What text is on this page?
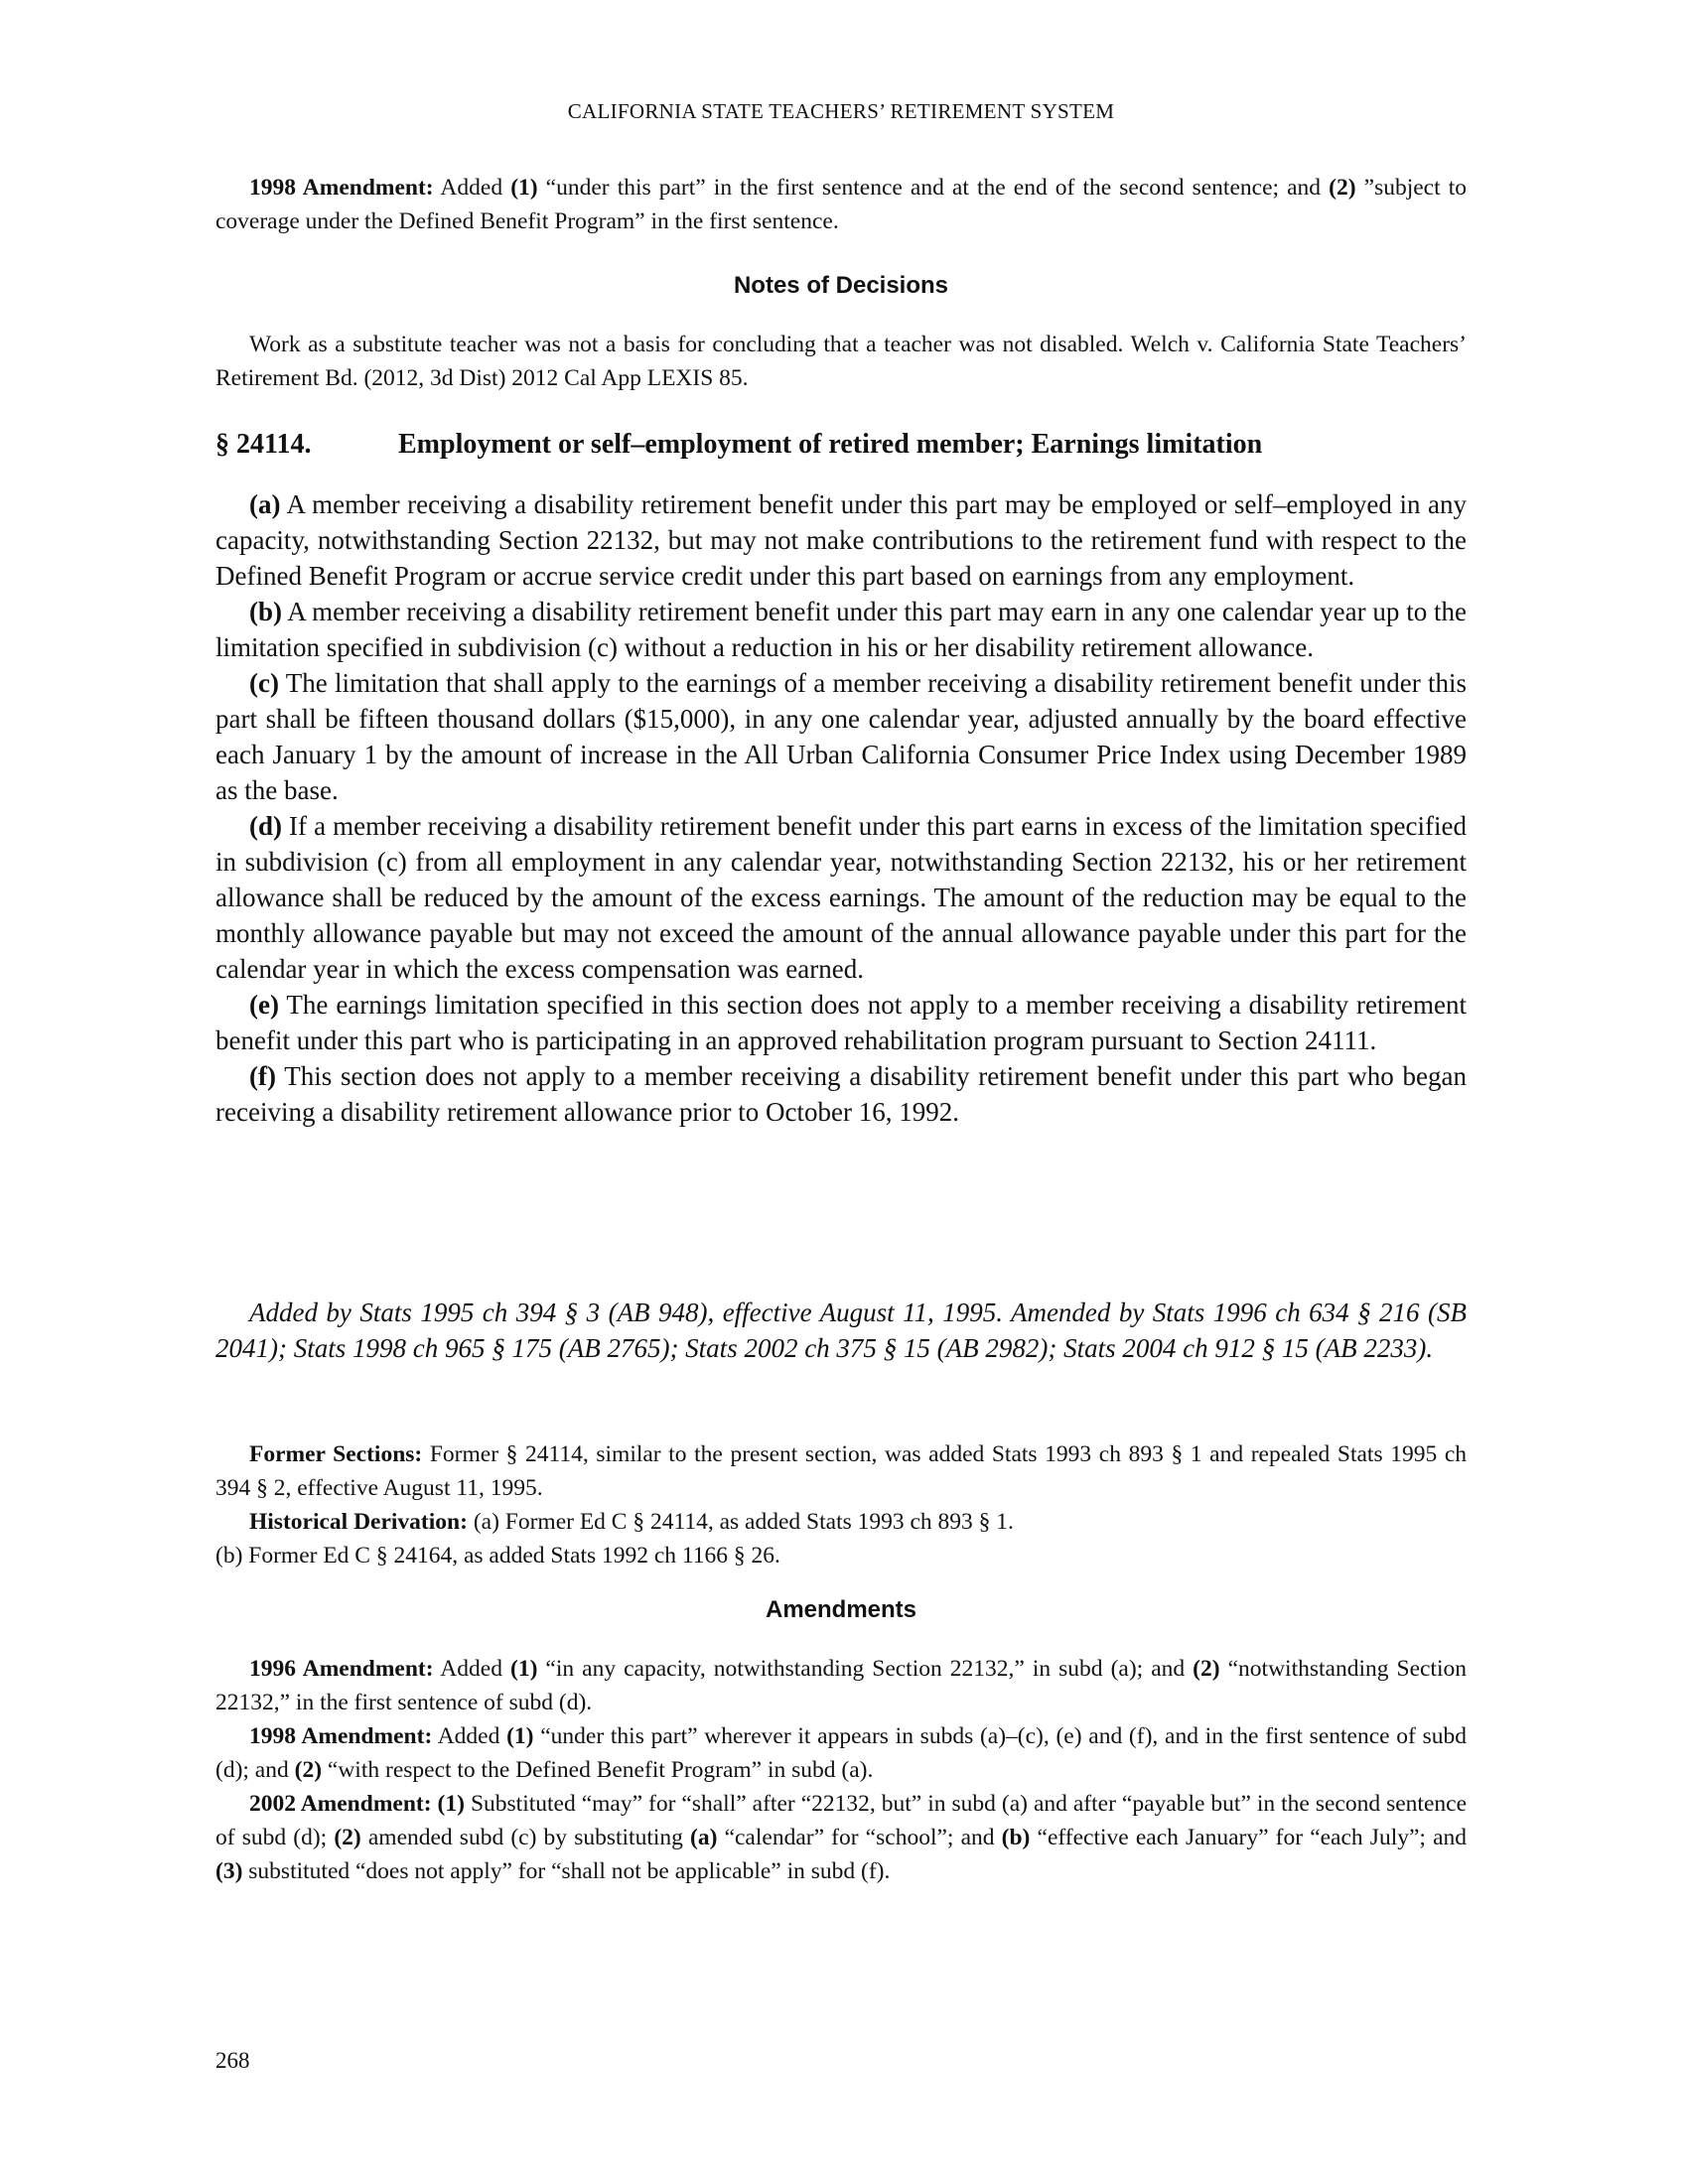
CALIFORNIA STATE TEACHERS’ RETIREMENT SYSTEM

1998 Amendment: Added (1) “under this part” in the first sentence and at the end of the second sentence; and (2) ”subject to coverage under the Defined Benefit Program” in the first sentence.

Notes of Decisions

Work as a substitute teacher was not a basis for concluding that a teacher was not disabled. Welch v. California State Teachers’ Retirement Bd. (2012, 3d Dist) 2012 Cal App LEXIS 85.

§ 24114.	Employment or self–employment of retired member; Earnings limitation

(a) A member receiving a disability retirement benefit under this part may be employed or self–employed in any capacity, notwithstanding Section 22132, but may not make contributions to the retirement fund with respect to the Defined Benefit Program or accrue service credit under this part based on earnings from any employment.

(b) A member receiving a disability retirement benefit under this part may earn in any one calendar year up to the limitation specified in subdivision (c) without a reduction in his or her disability retirement allowance.

(c) The limitation that shall apply to the earnings of a member receiving a disability retirement benefit under this part shall be fifteen thousand dollars ($15,000), in any one calendar year, adjusted annually by the board effective each January 1 by the amount of increase in the All Urban California Consumer Price Index using December 1989 as the base.

(d) If a member receiving a disability retirement benefit under this part earns in excess of the limitation specified in subdivision (c) from all employment in any calendar year, notwithstanding Section 22132, his or her retirement allowance shall be reduced by the amount of the excess earnings. The amount of the reduction may be equal to the monthly allowance payable but may not exceed the amount of the annual allowance payable under this part for the calendar year in which the excess compensation was earned.

(e) The earnings limitation specified in this section does not apply to a member receiving a disability retirement benefit under this part who is participating in an approved rehabilitation program pursuant to Section 24111.

(f) This section does not apply to a member receiving a disability retirement benefit under this part who began receiving a disability retirement allowance prior to October 16, 1992.

Added by Stats 1995 ch 394 § 3 (AB 948), effective August 11, 1995. Amended by Stats 1996 ch 634 § 216 (SB 2041); Stats 1998 ch 965 § 175 (AB 2765); Stats 2002 ch 375 § 15 (AB 2982); Stats 2004 ch 912 § 15 (AB 2233).

Former Sections: Former § 24114, similar to the present section, was added Stats 1993 ch 893 § 1 and repealed Stats 1995 ch 394 § 2, effective August 11, 1995.

Historical Derivation: (a) Former Ed C § 24114, as added Stats 1993 ch 893 § 1.

(b) Former Ed C § 24164, as added Stats 1992 ch 1166 § 26.

Amendments

1996 Amendment: Added (1) “in any capacity, notwithstanding Section 22132,” in subd (a); and (2) “notwithstanding Section 22132,” in the first sentence of subd (d).

1998 Amendment: Added (1) “under this part” wherever it appears in subds (a)–(c), (e) and (f), and in the first sentence of subd (d); and (2) “with respect to the Defined Benefit Program” in subd (a).

2002 Amendment: (1) Substituted “may” for “shall” after “22132, but” in subd (a) and after “payable but” in the second sentence of subd (d); (2) amended subd (c) by substituting (a) “calendar” for “school”; and (b) “effective each January” for “each July”; and (3) substituted “does not apply” for “shall not be applicable” in subd (f).

268
